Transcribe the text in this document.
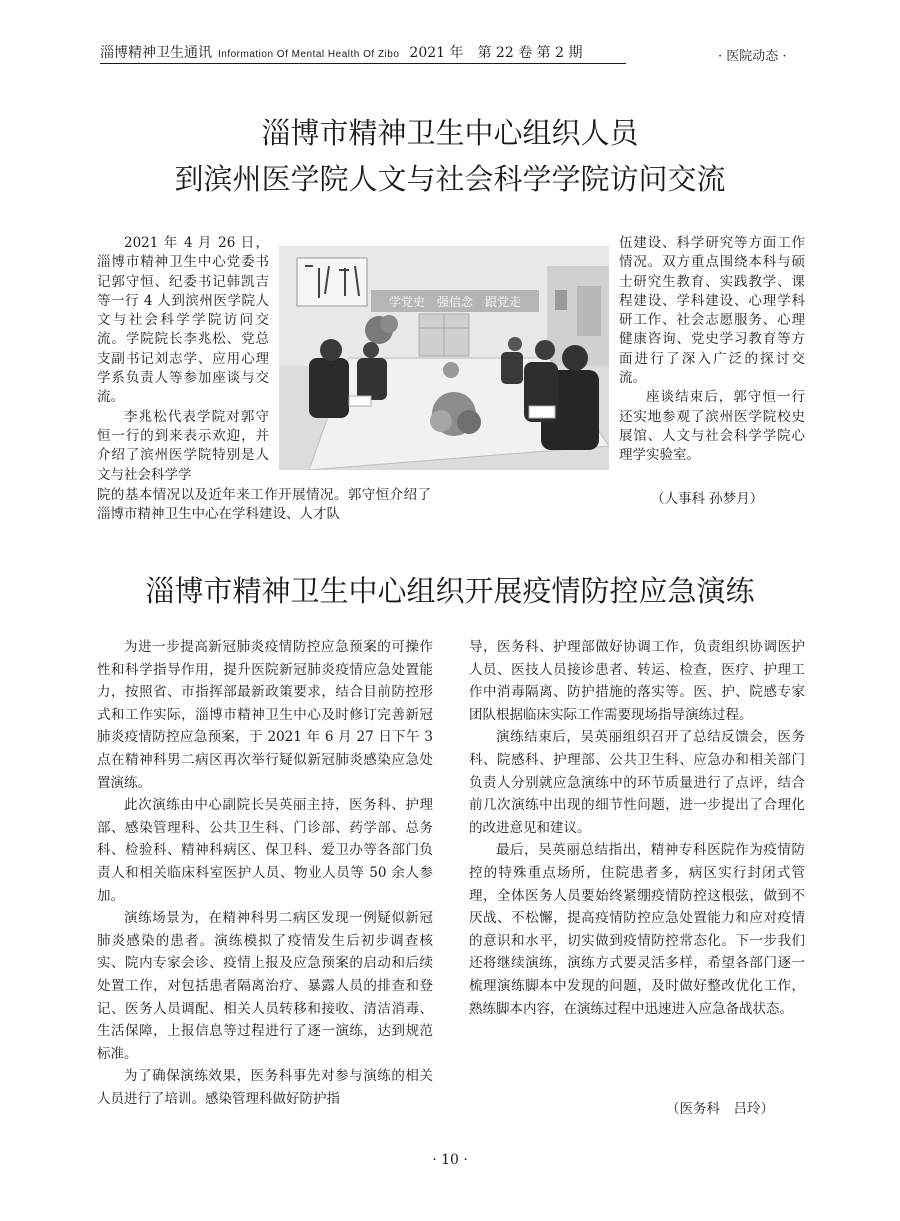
淄博精神卫生通讯 Information Of Mental Health Of Zibo 2021 年　第 22 卷 第 2 期	· 医院动态 ·
淄博市精神卫生中心组织人员
到滨州医学院人文与社会科学学院访问交流

2021 年 4 月 26 日，淄博市精神卫生中心党委书记郭守恒、纪委书记韩凯吉等一行 4 人到滨州医学院人文与社会科学学院访问交流。学院院长李兆松、党总支副书记刘志学、应用心理学系负责人等参加座谈与交流。

李兆松代表学院对郭守恒一行的到来表示欢迎，并介绍了滨州医学院特别是人文与社会科学学

院的基本情况以及近年来工作开展情况。郭守恒介绍了淄博市精神卫生中心在学科建设、人才队
学党史　强信念　跟党走

伍建设、科学研究等方面工作情况。双方重点围绕本科与硕士研究生教育、实践教学、课程建设、学科建设、心理学科研工作、社会志愿服务、心理健康咨询、党史学习教育等方面进行了深入广泛的探讨交流。

座谈结束后，郭守恒一行还实地参观了滨州医学院校史展馆、人文与社会科学学院心理学实验室。

（人事科 孙梦月）
淄博市精神卫生中心组织开展疫情防控应急演练

为进一步提高新冠肺炎疫情防控应急预案的可操作性和科学指导作用，提升医院新冠肺炎疫情应急处置能力，按照省、市指挥部最新政策要求，结合目前防控形式和工作实际，淄博市精神卫生中心及时修订完善新冠肺炎疫情防控应急预案，于 2021 年 6 月 27 日下午 3 点在精神科男二病区再次举行疑似新冠肺炎感染应急处置演练。

此次演练由中心副院长吴英丽主持，医务科、护理部、感染管理科、公共卫生科、门诊部、药学部、总务科、检验科、精神科病区、保卫科、爱卫办等各部门负责人和相关临床科室医护人员、物业人员等 50 余人参加。

演练场景为，在精神科男二病区发现一例疑似新冠肺炎感染的患者。演练模拟了疫情发生后初步调查核实、院内专家会诊、疫情上报及应急预案的启动和后续处置工作，对包括患者隔离治疗、暴露人员的排查和登记、医务人员调配、相关人员转移和接收、清洁消毒、生活保障，上报信息等过程进行了逐一演练，达到规范标准。

为了确保演练效果，医务科事先对参与演练的相关人员进行了培训。感染管理科做好防护指

导，医务科、护理部做好协调工作，负责组织协调医护人员、医技人员接诊患者、转运、检查，医疗、护理工作中消毒隔离、防护措施的落实等。医、护、院感专家团队根据临床实际工作需要现场指导演练过程。

演练结束后，吴英丽组织召开了总结反馈会，医务科、院感科、护理部、公共卫生科、应急办和相关部门负责人分别就应急演练中的环节质量进行了点评，结合前几次演练中出现的细节性问题，进一步提出了合理化的改进意见和建议。

最后，吴英丽总结指出，精神专科医院作为疫情防控的特殊重点场所，住院患者多，病区实行封闭式管理，全体医务人员要始终紧绷疫情防控这根弦，做到不厌战、不松懈，提高疫情防控应急处置能力和应对疫情的意识和水平，切实做到疫情防控常态化。下一步我们还将继续演练，演练方式要灵活多样，希望各部门逐一梳理演练脚本中发现的问题，及时做好整改优化工作，熟练脚本内容，在演练过程中迅速进入应急备战状态。

（医务科　吕玲）
· 10 ·
